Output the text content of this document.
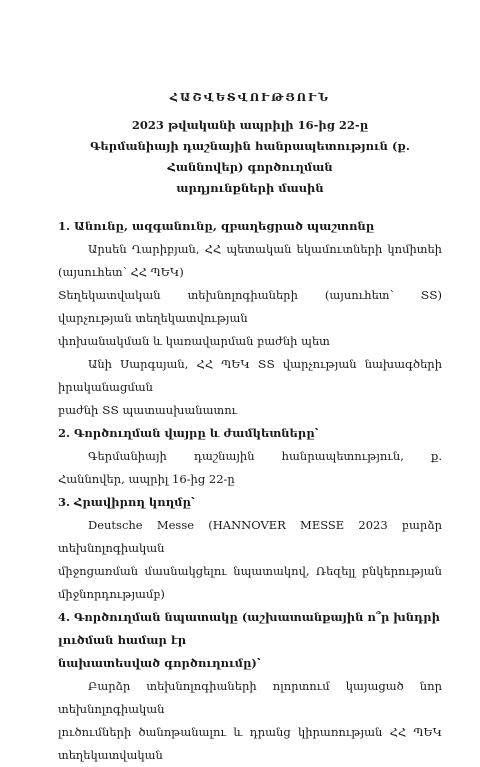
ՀԱՇՎԵՏՎՈՒԹՅՈՒՆ
2023 թվականի ապրիլի 16-ից 22-ը
Գերմանիայի դաշնային հանրապետություն (ք. Հաննովեր) գործուղման
արդյունքների մասին
1. Անունը, ազգանունը, զբաղեցրած պաշտոնը
Արսեն Ղարիբյան, ՀՀ պետական եկամուտների կոմիտեի (այսուհետ՝ ՀՀ ՊԵԿ)
Տեղեկատվական տեխնոլոգիաների (այսուհետ՝ ՏՏ) վարչության տեղեկատվության
փոխանակման և կառավարման բաժնի պետ
Անի Սարգսյան, ՀՀ ՊԵԿ ՏՏ վարչության նախագծերի իրականացման
բաժնի ՏՏ պատասխանատու
2. Գործուղման վայրը և ժամկետները՝
Գերմանիայի դաշնային հանրապետություն, ք. Հաննովեր, ապրիլ 16-ից 22-ը
3. Հրավիրող կողմը՝
Deutsche Messe (HANNOVER MESSE 2023 բարձր տեխնոլոգիական
միջոցառման մասնակցելու նպատակով, Ռեզելլ բնկերության միջնորդությամբ)
4. Գործուղման նպատակը (աշխատանքային ո՞ր խնդրի լուծման համար էր
նախատեսված գործուղումը)՝
Բարձր տեխնոլոգիաների ոլորտում կայացած նոր տեխնոլոգիական
լուծումների ծանոթանալու և դրանց կիրառության ՀՀ ՊԵԿ տեղեկատվական
